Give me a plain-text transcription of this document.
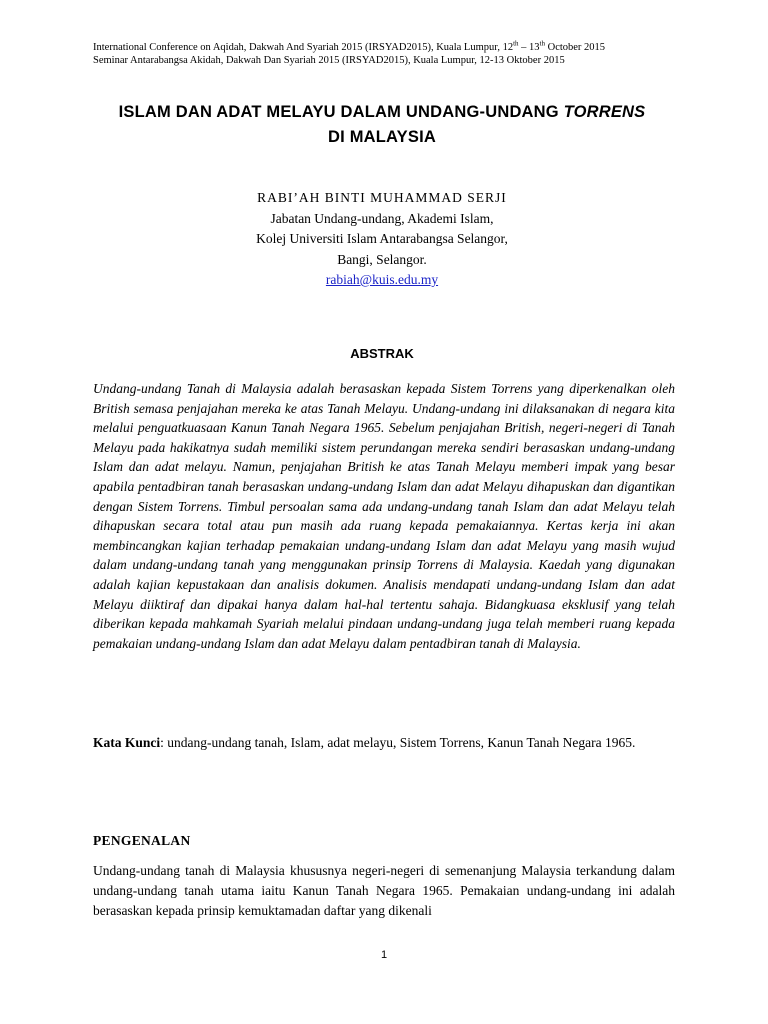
International Conference on Aqidah, Dakwah And Syariah 2015 (IRSYAD2015), Kuala Lumpur, 12th – 13th October 2015
Seminar Antarabangsa Akidah, Dakwah Dan Syariah 2015 (IRSYAD2015), Kuala Lumpur, 12-13 Oktober 2015
ISLAM DAN ADAT MELAYU DALAM UNDANG-UNDANG TORRENS
DI MALAYSIA
RABI’AH BINTI MUHAMMAD SERJI
Jabatan Undang-undang, Akademi Islam,
Kolej Universiti Islam Antarabangsa Selangor,
Bangi, Selangor.
rabiah@kuis.edu.my
ABSTRAK

Undang-undang Tanah di Malaysia adalah berasaskan kepada Sistem Torrens yang diperkenalkan oleh British semasa penjajahan mereka ke atas Tanah Melayu. Undang-undang ini dilaksanakan di negara kita melalui penguatkuasaan Kanun Tanah Negara 1965. Sebelum penjajahan British, negeri-negeri di Tanah Melayu pada hakikatnya sudah memiliki sistem perundangan mereka sendiri berasaskan undang-undang Islam dan adat melayu. Namun, penjajahan British ke atas Tanah Melayu memberi impak yang besar apabila pentadbiran tanah berasaskan undang-undang Islam dan adat Melayu dihapuskan dan digantikan dengan Sistem Torrens. Timbul persoalan sama ada undang-undang tanah Islam dan adat Melayu telah dihapuskan secara total atau pun masih ada ruang kepada pemakaiannya. Kertas kerja ini akan membincangkan kajian terhadap pemakaian undang-undang Islam dan adat Melayu yang masih wujud dalam undang-undang tanah yang menggunakan prinsip Torrens di Malaysia. Kaedah yang digunakan adalah kajian kepustakaan dan analisis dokumen. Analisis mendapati undang-undang Islam dan adat Melayu diiktiraf dan dipakai hanya dalam hal-hal tertentu sahaja. Bidangkuasa eksklusif yang telah diberikan kepada mahkamah Syariah melalui pindaan undang-undang juga telah memberi ruang kepada pemakaian undang-undang Islam dan adat Melayu dalam pentadbiran tanah di Malaysia.

Kata Kunci: undang-undang tanah, Islam, adat melayu, Sistem Torrens, Kanun Tanah Negara 1965.

PENGENALAN

Undang-undang tanah di Malaysia khususnya negeri-negeri di semenanjung Malaysia terkandung dalam undang-undang tanah utama iaitu Kanun Tanah Negara 1965. Pemakaian undang-undang ini adalah berasaskan kepada prinsip kemuktamadan daftar yang dikenali

1
